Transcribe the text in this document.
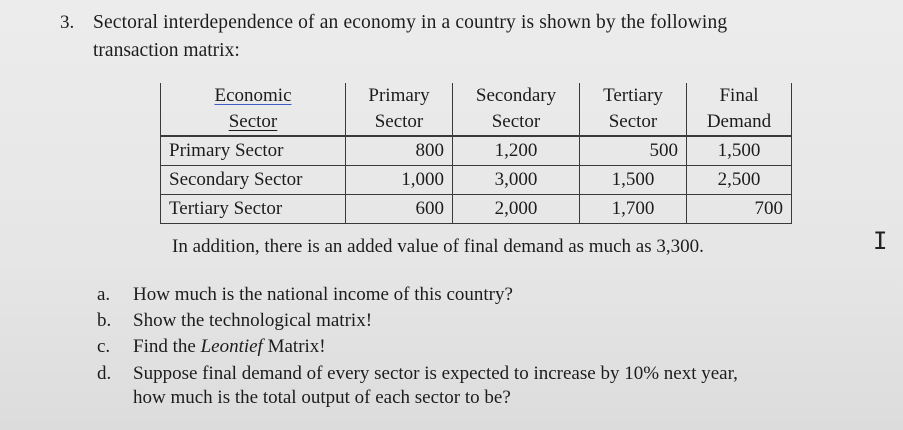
3. Sectoral interdependence of an economy in a country is shown by the following
transaction matrix:
Economic	Primary	Secondary	Tertiary	Final
Sector	Sector	Sector	Sector	Demand
Primary Sector	800	1,200	500	1,500
Secondary Sector	1,000	3,000	1,500	2,500
Tertiary Sector	600	2,000	1,700	700
In addition, there is an added value of final demand as much as 3,300.	I
a. How much is the national income of this country?
b. Show the technological matrix!
c. Find the Leontief Matrix!
d. Suppose final demand of every sector is expected to increase by 10% next year,
how much is the total output of each sector to be?
